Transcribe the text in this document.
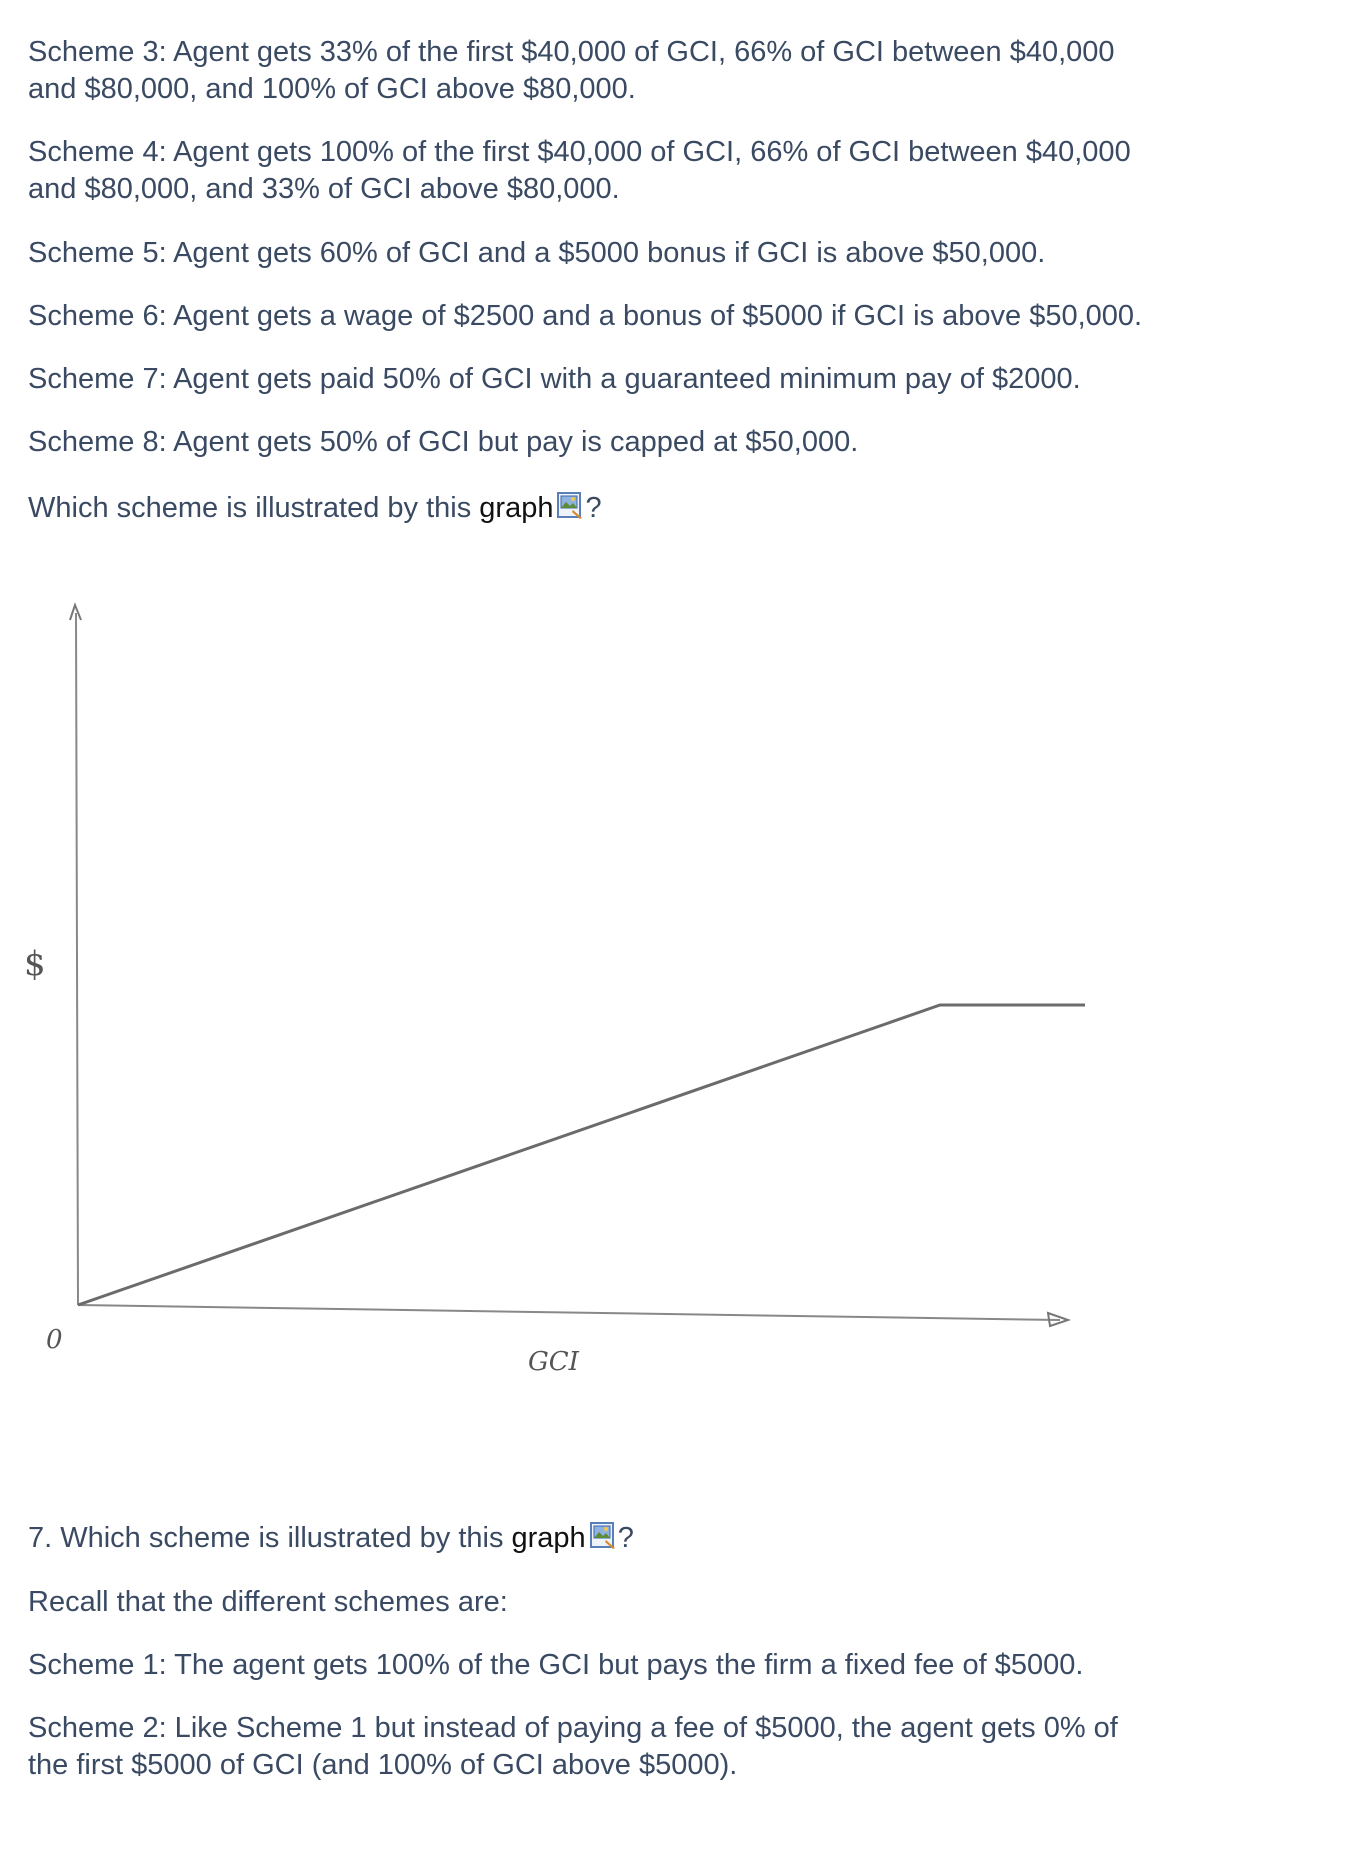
Scheme 3: Agent gets 33% of the first $40,000 of GCI, 66% of GCI between $40,000
and $80,000, and 100% of GCI above $80,000.
Scheme 4: Agent gets 100% of the first $40,000 of GCI, 66% of GCI between $40,000
and $80,000, and 33% of GCI above $80,000.
Scheme 5: Agent gets 60% of GCI and a $5000 bonus if GCI is above $50,000.
Scheme 6: Agent gets a wage of $2500 and a bonus of $5000 if GCI is above $50,000.
Scheme 7: Agent gets paid 50% of GCI with a guaranteed minimum pay of $2000.
Scheme 8: Agent gets 50% of GCI but pay is capped at $50,000.
Which scheme is illustrated by this graph ?
$
0
GCI
7. Which scheme is illustrated by this graph ?
Recall that the different schemes are:
Scheme 1: The agent gets 100% of the GCI but pays the firm a fixed fee of $5000.
Scheme 2: Like Scheme 1 but instead of paying a fee of $5000, the agent gets 0% of
the first $5000 of GCI (and 100% of GCI above $5000).
